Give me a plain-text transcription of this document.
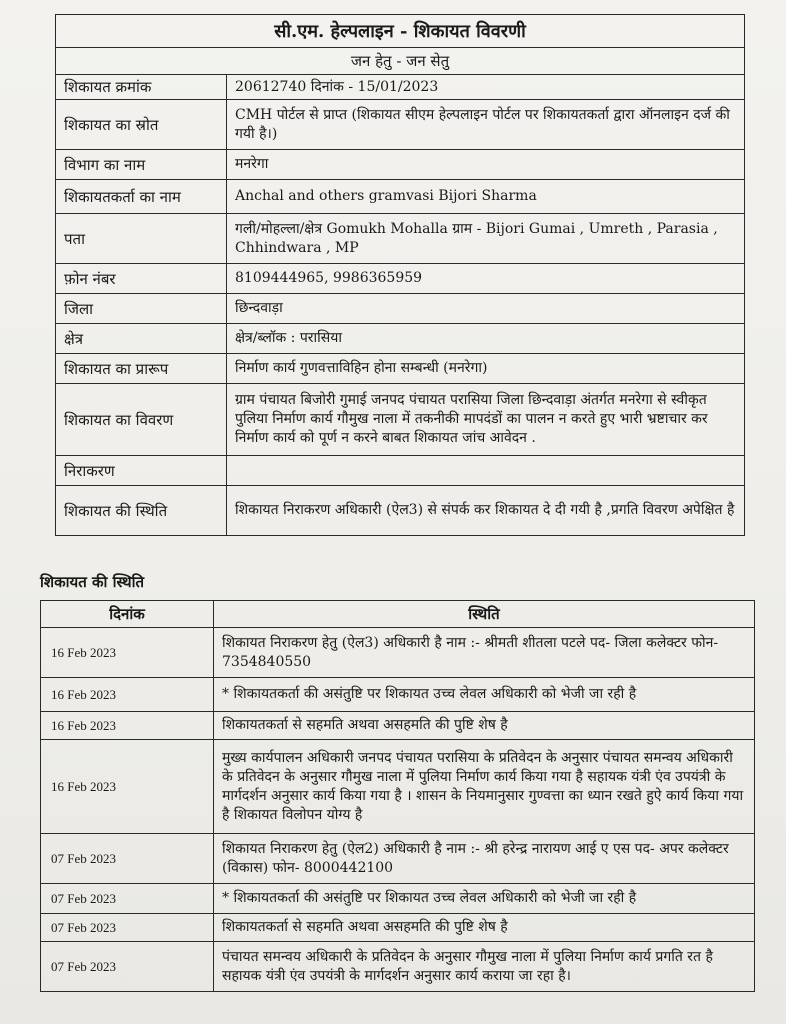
सी.एम. हेल्पलाइन - शिकायत विवरणी	
जन हेतु - जन सेतु	
शिकायत क्रमांक	20612740 दिनांक - 15/01/2023
शिकायत का स्रोत	CMH पोर्टल से प्राप्त (शिकायत सीएम हेल्पलाइन पोर्टल पर शिकायतकर्ता द्वारा ऑनलाइन दर्ज की गयी है।)
विभाग का नाम	मनरेगा
शिकायतकर्ता का नाम	Anchal and others gramvasi Bijori Sharma
पता	गली/मोहल्ला/क्षेत्र Gomukh Mohalla ग्राम - Bijori Gumai , Umreth , Parasia , Chhindwara , MP
फ़ोन नंबर	8109444965, 9986365959
जिला	छिन्दवाड़ा
क्षेत्र	क्षेत्र/ब्लॉक : परासिया
शिकायत का प्रारूप	निर्माण कार्य गुणवत्ताविहिन होना सम्बन्धी (मनरेगा)
शिकायत का विवरण	ग्राम पंचायत बिजोरी गुमाई जनपद पंचायत परासिया जिला छिन्दवाड़ा अंतर्गत मनरेगा से स्वीकृत पुलिया निर्माण कार्य गौमुख नाला में तकनीकी मापदंडों का पालन न करते हुए भारी भ्रष्टाचार कर निर्माण कार्य को पूर्ण न करने बाबत शिकायत जांच आवेदन .
निराकरण	
शिकायत की स्थिति	शिकायत निराकरण अधिकारी (ऐल3) से संपर्क कर शिकायत दे दी गयी है ,प्रगति विवरण अपेक्षित है
शिकायत की स्थिति
दिनांक	स्थिति
16 Feb 2023	शिकायत निराकरण हेतु (ऐल3) अधिकारी है नाम :- श्रीमती शीतला पटले पद- जिला कलेक्टर फोन- 7354840550
16 Feb 2023	* शिकायतकर्ता की असंतुष्टि पर शिकायत उच्च लेवल अधिकारी को भेजी जा रही है
16 Feb 2023	शिकायतकर्ता से सहमति अथवा असहमति की पुष्टि शेष है
16 Feb 2023	मुख्य कार्यपालन अधिकारी जनपद पंचायत परासिया के प्रतिवेदन के अनुसार पंचायत समन्वय अधिकारी के प्रतिवेदन के अनुसार गौमुख नाला में पुलिया निर्माण कार्य किया गया है सहायक यंत्री एंव उपयंत्री के मार्गदर्शन अनुसार कार्य किया गया है । शासन के नियमानुसार गुण्वत्ता का ध्यान रखते हुऐ कार्य किया गया है शिकायत विलोपन योग्य है
07 Feb 2023	शिकायत निराकरण हेतु (ऐल2) अधिकारी है नाम :- श्री हरेन्द्र नारायण आई ए एस पद- अपर कलेक्टर (विकास) फोन- 8000442100
07 Feb 2023	* शिकायतकर्ता की असंतुष्टि पर शिकायत उच्च लेवल अधिकारी को भेजी जा रही है
07 Feb 2023	शिकायतकर्ता से सहमति अथवा असहमति की पुष्टि शेष है
07 Feb 2023	पंचायत समन्वय अधिकारी के प्रतिवेदन के अनुसार गौमुख नाला में पुलिया निर्माण कार्य प्रगति रत है सहायक यंत्री एंव उपयंत्री के मार्गदर्शन अनुसार कार्य कराया जा रहा है।
